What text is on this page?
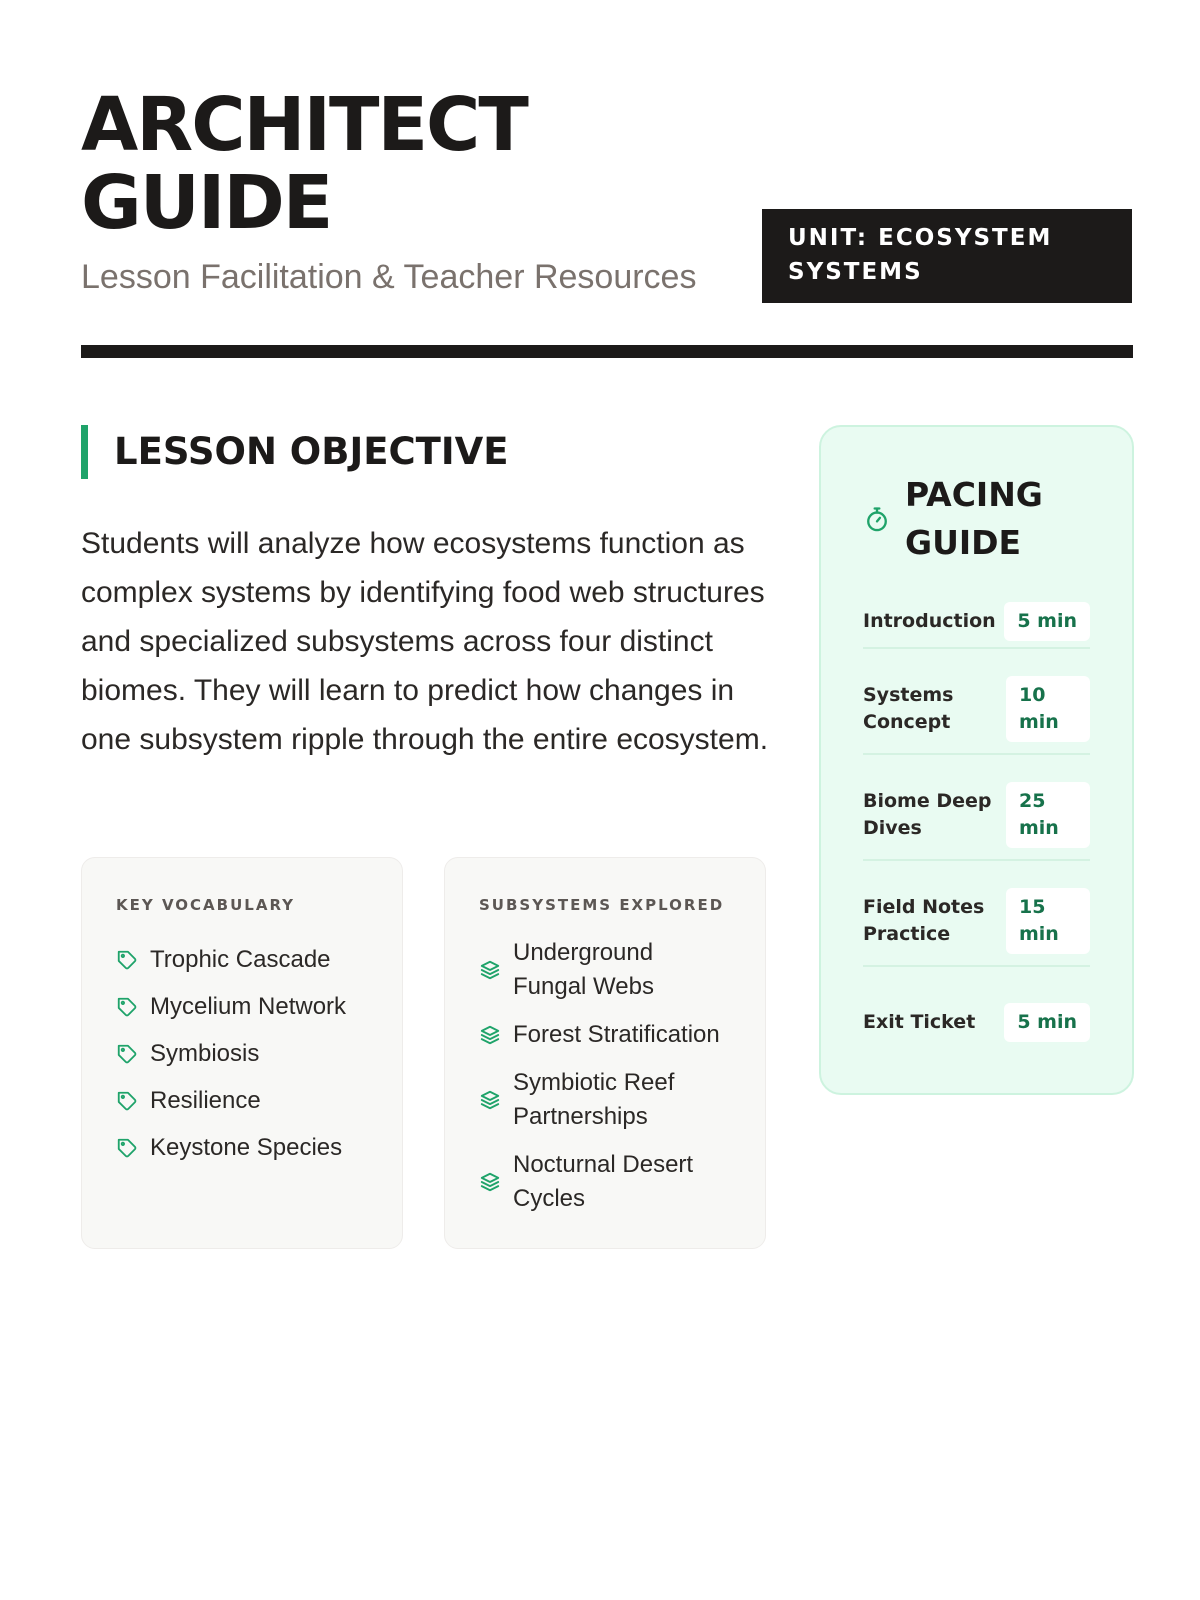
ARCHITECT
GUIDE
Lesson Facilitation & Teacher Resources
UNIT: ECOSYSTEM SYSTEMS
LESSON OBJECTIVE

Students will analyze how ecosystems function as complex systems by identifying food web structures and specialized subsystems across four distinct biomes. They will learn to predict how changes in one subsystem ripple through the entire ecosystem.

KEY VOCABULARY
Trophic Cascade
Mycelium Network
Symbiosis
Resilience
Keystone Species
SUBSYSTEMS EXPLORED
Underground Fungal Webs
Forest Stratification
Symbiotic Reef Partnerships
Nocturnal Desert Cycles
PACING GUIDE
Introduction	5 min
Systems Concept
10 min
Biome Deep Dives
25 min
Field Notes Practice
15 min
Exit Ticket	5 min
